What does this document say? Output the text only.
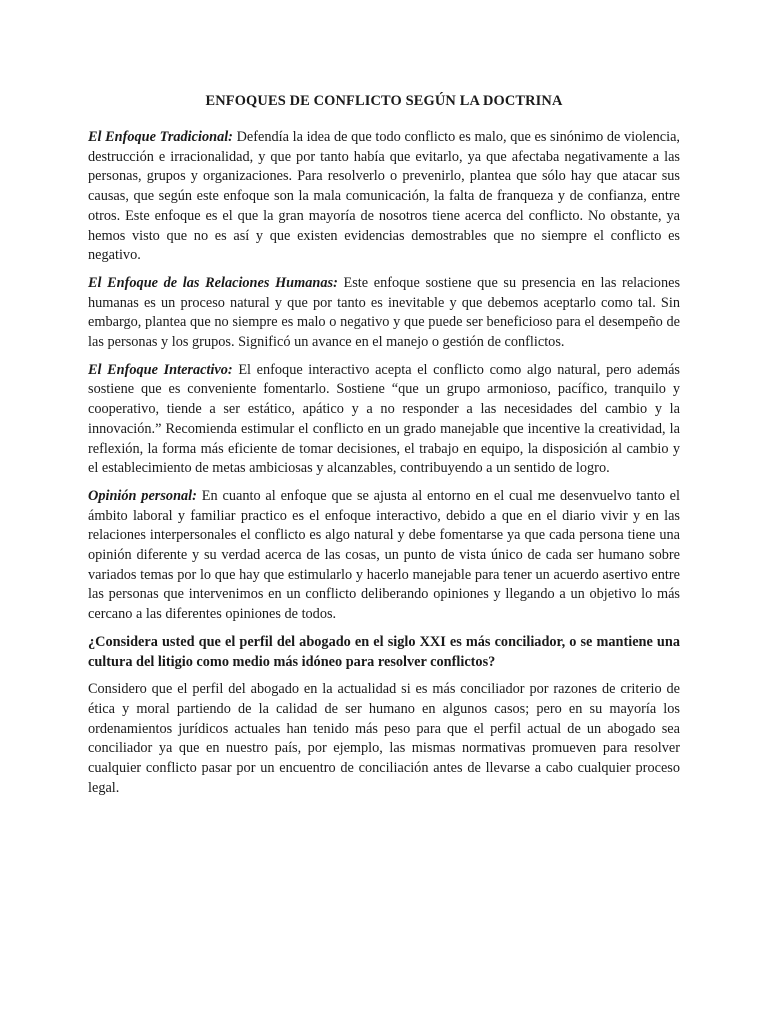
ENFOQUES DE CONFLICTO SEGÚN LA DOCTRINA

El Enfoque Tradicional: Defendía la idea de que todo conflicto es malo, que es sinónimo de violencia, destrucción e irracionalidad, y que por tanto había que evitarlo, ya que afectaba negativamente a las personas, grupos y organizaciones. Para resolverlo o prevenirlo, plantea que sólo hay que atacar sus causas, que según este enfoque son la mala comunicación, la falta de franqueza y de confianza, entre otros. Este enfoque es el que la gran mayoría de nosotros tiene acerca del conflicto. No obstante, ya hemos visto que no es así y que existen evidencias demostrables que no siempre el conflicto es negativo.

El Enfoque de las Relaciones Humanas: Este enfoque sostiene que su presencia en las relaciones humanas es un proceso natural y que por tanto es inevitable y que debemos aceptarlo como tal. Sin embargo, plantea que no siempre es malo o negativo y que puede ser beneficioso para el desempeño de las personas y los grupos. Significó un avance en el manejo o gestión de conflictos.

El Enfoque Interactivo: El enfoque interactivo acepta el conflicto como algo natural, pero además sostiene que es conveniente fomentarlo. Sostiene “que un grupo armonioso, pacífico, tranquilo y cooperativo, tiende a ser estático, apático y a no responder a las necesidades del cambio y la innovación.” Recomienda estimular el conflicto en un grado manejable que incentive la creatividad, la reflexión, la forma más eficiente de tomar decisiones, el trabajo en equipo, la disposición al cambio y el establecimiento de metas ambiciosas y alcanzables, contribuyendo a un sentido de logro.

Opinión personal: En cuanto al enfoque que se ajusta al entorno en el cual me desenvuelvo tanto el ámbito laboral y familiar practico es el enfoque interactivo, debido a que en el diario vivir y en las relaciones interpersonales el conflicto es algo natural y debe fomentarse ya que cada persona tiene una opinión diferente y su verdad acerca de las cosas, un punto de vista único de cada ser humano sobre variados temas por lo que hay que estimularlo y hacerlo manejable para tener un acuerdo asertivo entre las personas que intervenimos en un conflicto deliberando opiniones y llegando a un objetivo lo más cercano a las diferentes opiniones de todos.

¿Considera usted que el perfil del abogado en el siglo XXI es más conciliador, o se mantiene una cultura del litigio como medio más idóneo para resolver conflictos?

Considero que el perfil del abogado en la actualidad si es más conciliador por razones de criterio de ética y moral partiendo de la calidad de ser humano en algunos casos; pero en su mayoría los ordenamientos jurídicos actuales han tenido más peso para que el perfil actual de un abogado sea conciliador ya que en nuestro país, por ejemplo, las mismas normativas promueven para resolver cualquier conflicto pasar por un encuentro de conciliación antes de llevarse a cabo cualquier proceso legal.
